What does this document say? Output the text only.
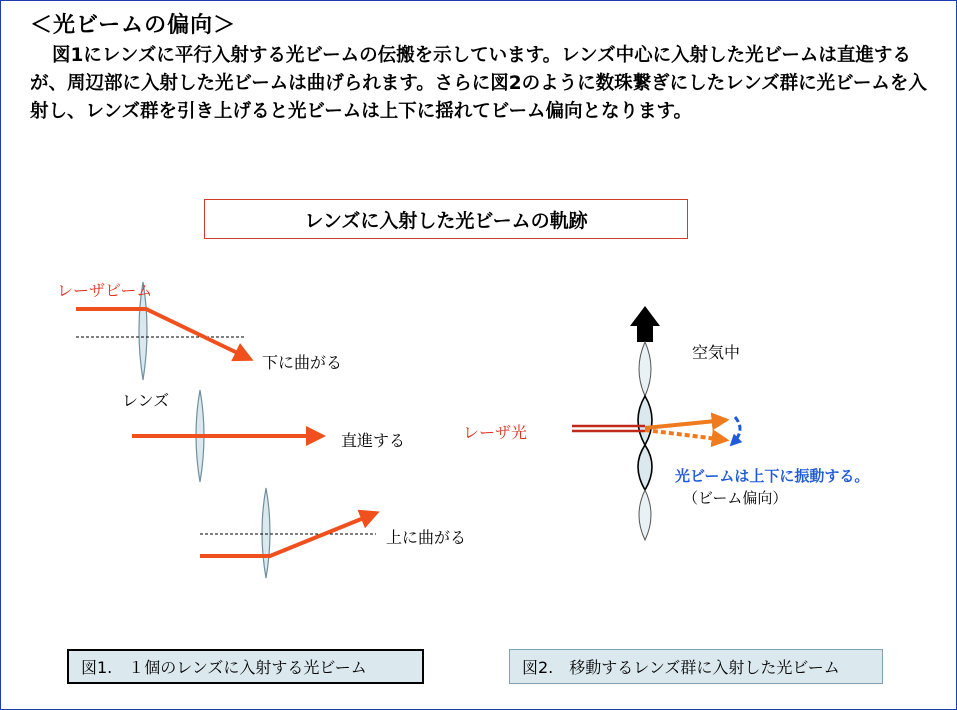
＜光ビームの偏向＞
図1にレンズに平行入射する光ビームの伝搬を示しています。レンズ中心に入射した光ビームは直進するが、周辺部に入射した光ビームは曲げられます。さらに図2のように数珠繋ぎにしたレンズ群に光ビームを入射し、レンズ群を引き上げると光ビームは上下に揺れてビーム偏向となります。
レンズに入射した光ビームの軌跡
レーザビーム
レンズ
下に曲がる
直進する
上に曲がる
空気中
レーザ光
光ビームは上下に振動する。
（ビーム偏向）
図1.　１個のレンズに入射する光ビーム	図2.　移動するレンズ群に入射した光ビーム
